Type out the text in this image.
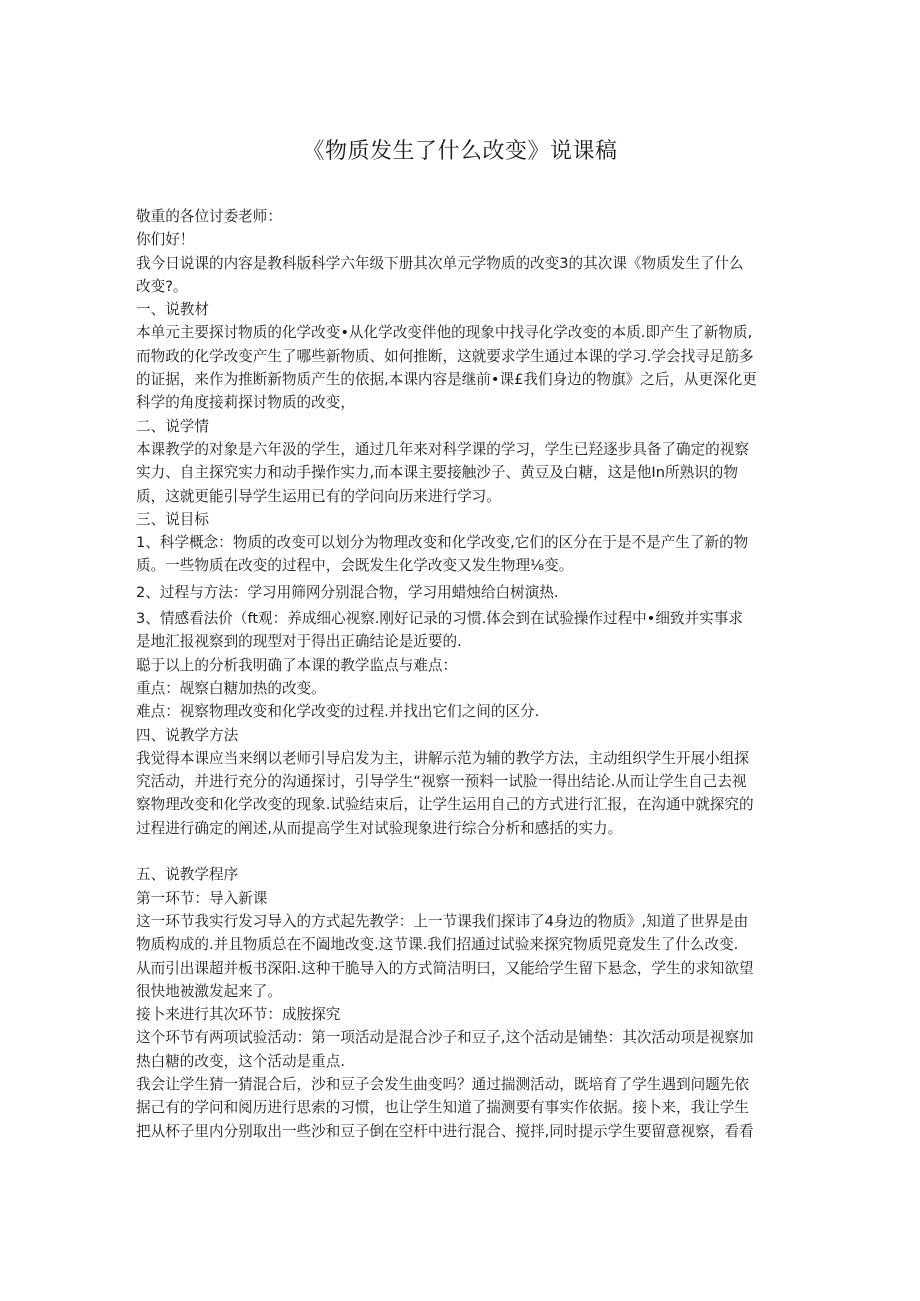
《物质发生了什么改变》说课稿
敬重的各位讨委老师：
你们好！
我今日说课的内容是教科版科学六年级下册其次单元学物质的改变3的其次课《物质发生了什么
改变?。
一、说教材
本单元主要探讨物质的化学改变•从化学改变伴他的现象中找寻化学改变的本质.即产生了新物质,
而物政的化学改变产生了哪些新物质、如何推断，这就要求学生通过本课的学习.学会找寻足筋多
的证据，来作为推断新物质产生的依据,本课内容是继前•课£我们身边的物旗》之后，从更深化更
科学的角度接莉探讨物质的改变，
二、说学情
本课教学的对象是六年汲的学生，通过几年来对科学课的学习，学生已羟逐步具备了确定的视察
实力、自主探究实力和动手操作实力,而本课主要接触沙子、黄豆及白糖，这是他In所熟识的物
质，这就更能引导学生运用已有的学问向历来进行学习。
三、说目标
1、科学概念：物质的改变可以划分为物理改变和化学改变,它们的区分在于是不是产生了新的物
质。一些物质在改变的过程中，会既发生化学改变又发生物理⅛变。
2、过程与方法：学习用筛网分别混合物，学习用蜡烛给白树演热.
3、情感看法价（ft观：养成细心视察.刚好记录的习惯.体会到在试验操作过程中•细致并实事求
是地汇报视察到的现型对于得出正确结论是近要的.
聪于以上的分析我明确了本课的教学监点与难点：
重点：觇察白糖加热的改变。
难点：视察物理改变和化学改变的过程.并找出它们之间的区分.
四、说教学方法
我觉得本课应当来纲以老师引导启发为主，讲解示范为辅的教学方法，主动组织学生开展小组探
究活动，并进行充分的沟通探讨，引导学生“视察一预料一试脸一得出结论.从而让学生自己去视
察物理改变和化学改变的现象.试验结束后，让学生运用自己的方式进行汇报，在沟通中就探究的
过程进行确定的阐述,从而提高学生对试验现象进行综合分析和感括的实力。
五、说教学程序
第一环节：导入新课
这一环节我实行发习导入的方式起先教学：上一节课我们探讳了4身边的物质》,知道了世界是由
物质构成的.并且物质总在不阖地改变.这节课.我们招通过试验来探究物质兕竟发生了什么改变.
从而引出课超并板书深阳.这种干脆导入的方式简洁明曰，又能给学生留下悬念，学生的求知欲望
很快地被激发起来了。
接卜来进行其次环节：成胺探究
这个环节有两项试验活动：第一项活动是混合沙子和豆子,这个活动是铺垫：其次活动项是视察加
热白糖的改变，这个活动是重点.
我会让学生猜一猜混合后，沙和豆子会发生曲变吗？通过揣测活动，既培育了学生遇到问题先依
据己有的学问和阅历进行思索的习惯，也让学生知道了揣测要有事实作依据。接卜来，我让学生
把从杯子里内分别取出一些沙和豆子倒在空杆中进行混合、搅拌,同时提示学生要留意视察，看看
